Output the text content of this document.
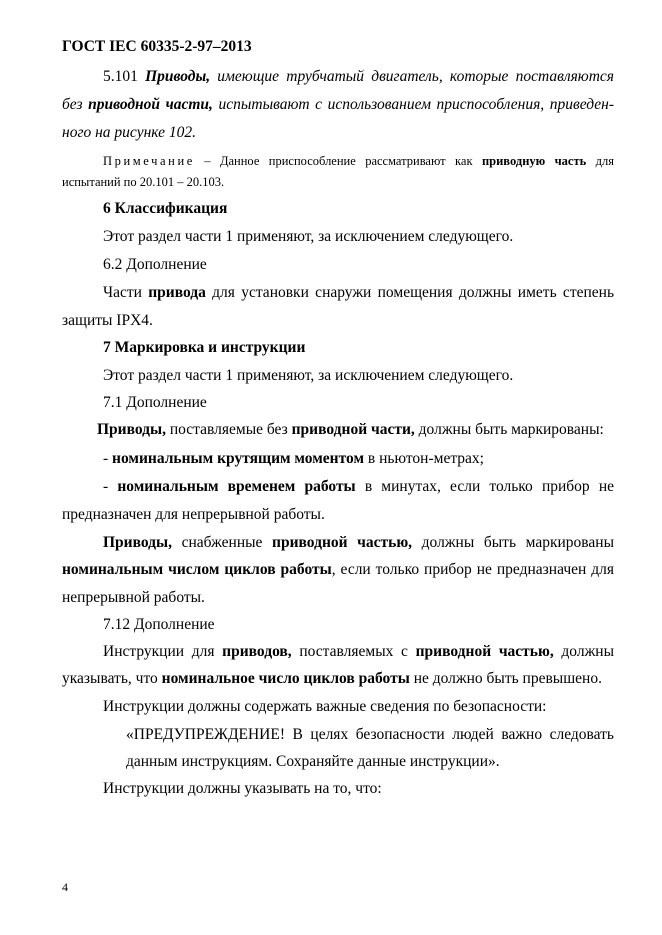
ГОСТ IEC 60335-2-97–2013
5.101 Приводы, имеющие трубчатый двигатель, которые поставляются
без приводной части, испытывают с использованием приспособления, приведен-
ного на рисунке 102.
Примечание – Данное приспособление рассматривают как приводную часть для
испытаний по 20.101 – 20.103.
6 Классификация
Этот раздел части 1 применяют, за исключением следующего.
6.2 Дополнение
Части привода для установки снаружи помещения должны иметь степень
защиты IPX4.
7 Маркировка и инструкции
Этот раздел части 1 применяют, за исключением следующего.
7.1 Дополнение
Приводы, поставляемые без приводной части, должны быть маркированы:
- номинальным крутящим моментом в ньютон-метрах;
- номинальным временем работы в минутах, если только прибор не
предназначен для непрерывной работы.
Приводы, снабженные приводной частью, должны быть маркированы
номинальным числом циклов работы, если только прибор не предназначен для
непрерывной работы.
7.12 Дополнение
Инструкции для приводов, поставляемых с приводной частью, должны
указывать, что номинальное число циклов работы не должно быть превышено.
Инструкции должны содержать важные сведения по безопасности:
«ПРЕДУПРЕЖДЕНИЕ! В целях безопасности людей важно следовать
данным инструкциям. Сохраняйте данные инструкции».
Инструкции должны указывать на то, что:
4
